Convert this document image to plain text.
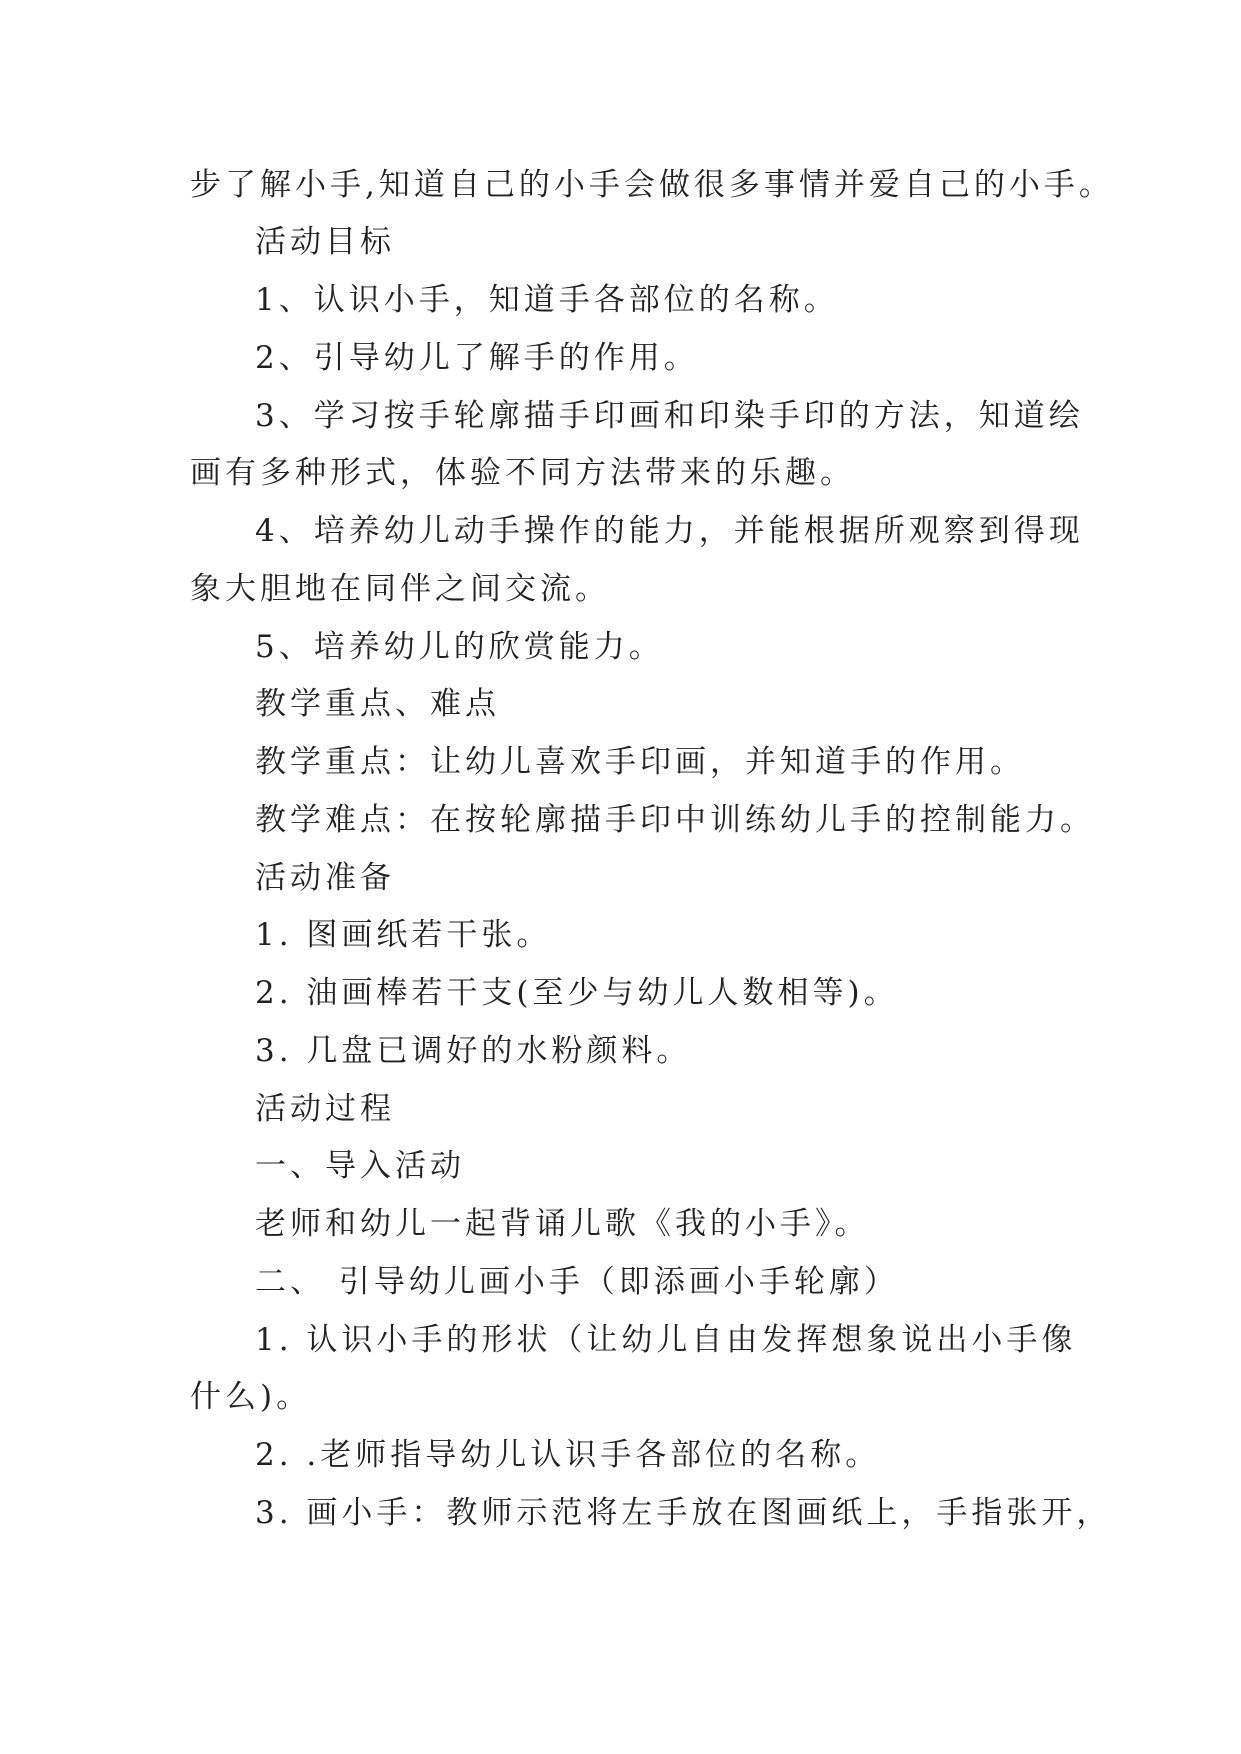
步了解小手,知道自己的小手会做很多事情并爱自己的小手。
活动目标
1、认识小手，知道手各部位的名称。
2、引导幼儿了解手的作用。
3、学习按手轮廓描手印画和印染手印的方法，知道绘
画有多种形式，体验不同方法带来的乐趣。
4、培养幼儿动手操作的能力，并能根据所观察到得现
象大胆地在同伴之间交流。
5、培养幼儿的欣赏能力。
教学重点、难点
教学重点：让幼儿喜欢手印画，并知道手的作用。
教学难点：在按轮廓描手印中训练幼儿手的控制能力。
活动准备
1. 图画纸若干张。
2. 油画棒若干支(至少与幼儿人数相等)。
3. 几盘已调好的水粉颜料。
活动过程
一、导入活动
老师和幼儿一起背诵儿歌《我的小手》。
二、 引导幼儿画小手（即添画小手轮廓）
1. 认识小手的形状（让幼儿自由发挥想象说出小手像
什么)。
2. .老师指导幼儿认识手各部位的名称。
3. 画小手：教师示范将左手放在图画纸上，手指张开，
